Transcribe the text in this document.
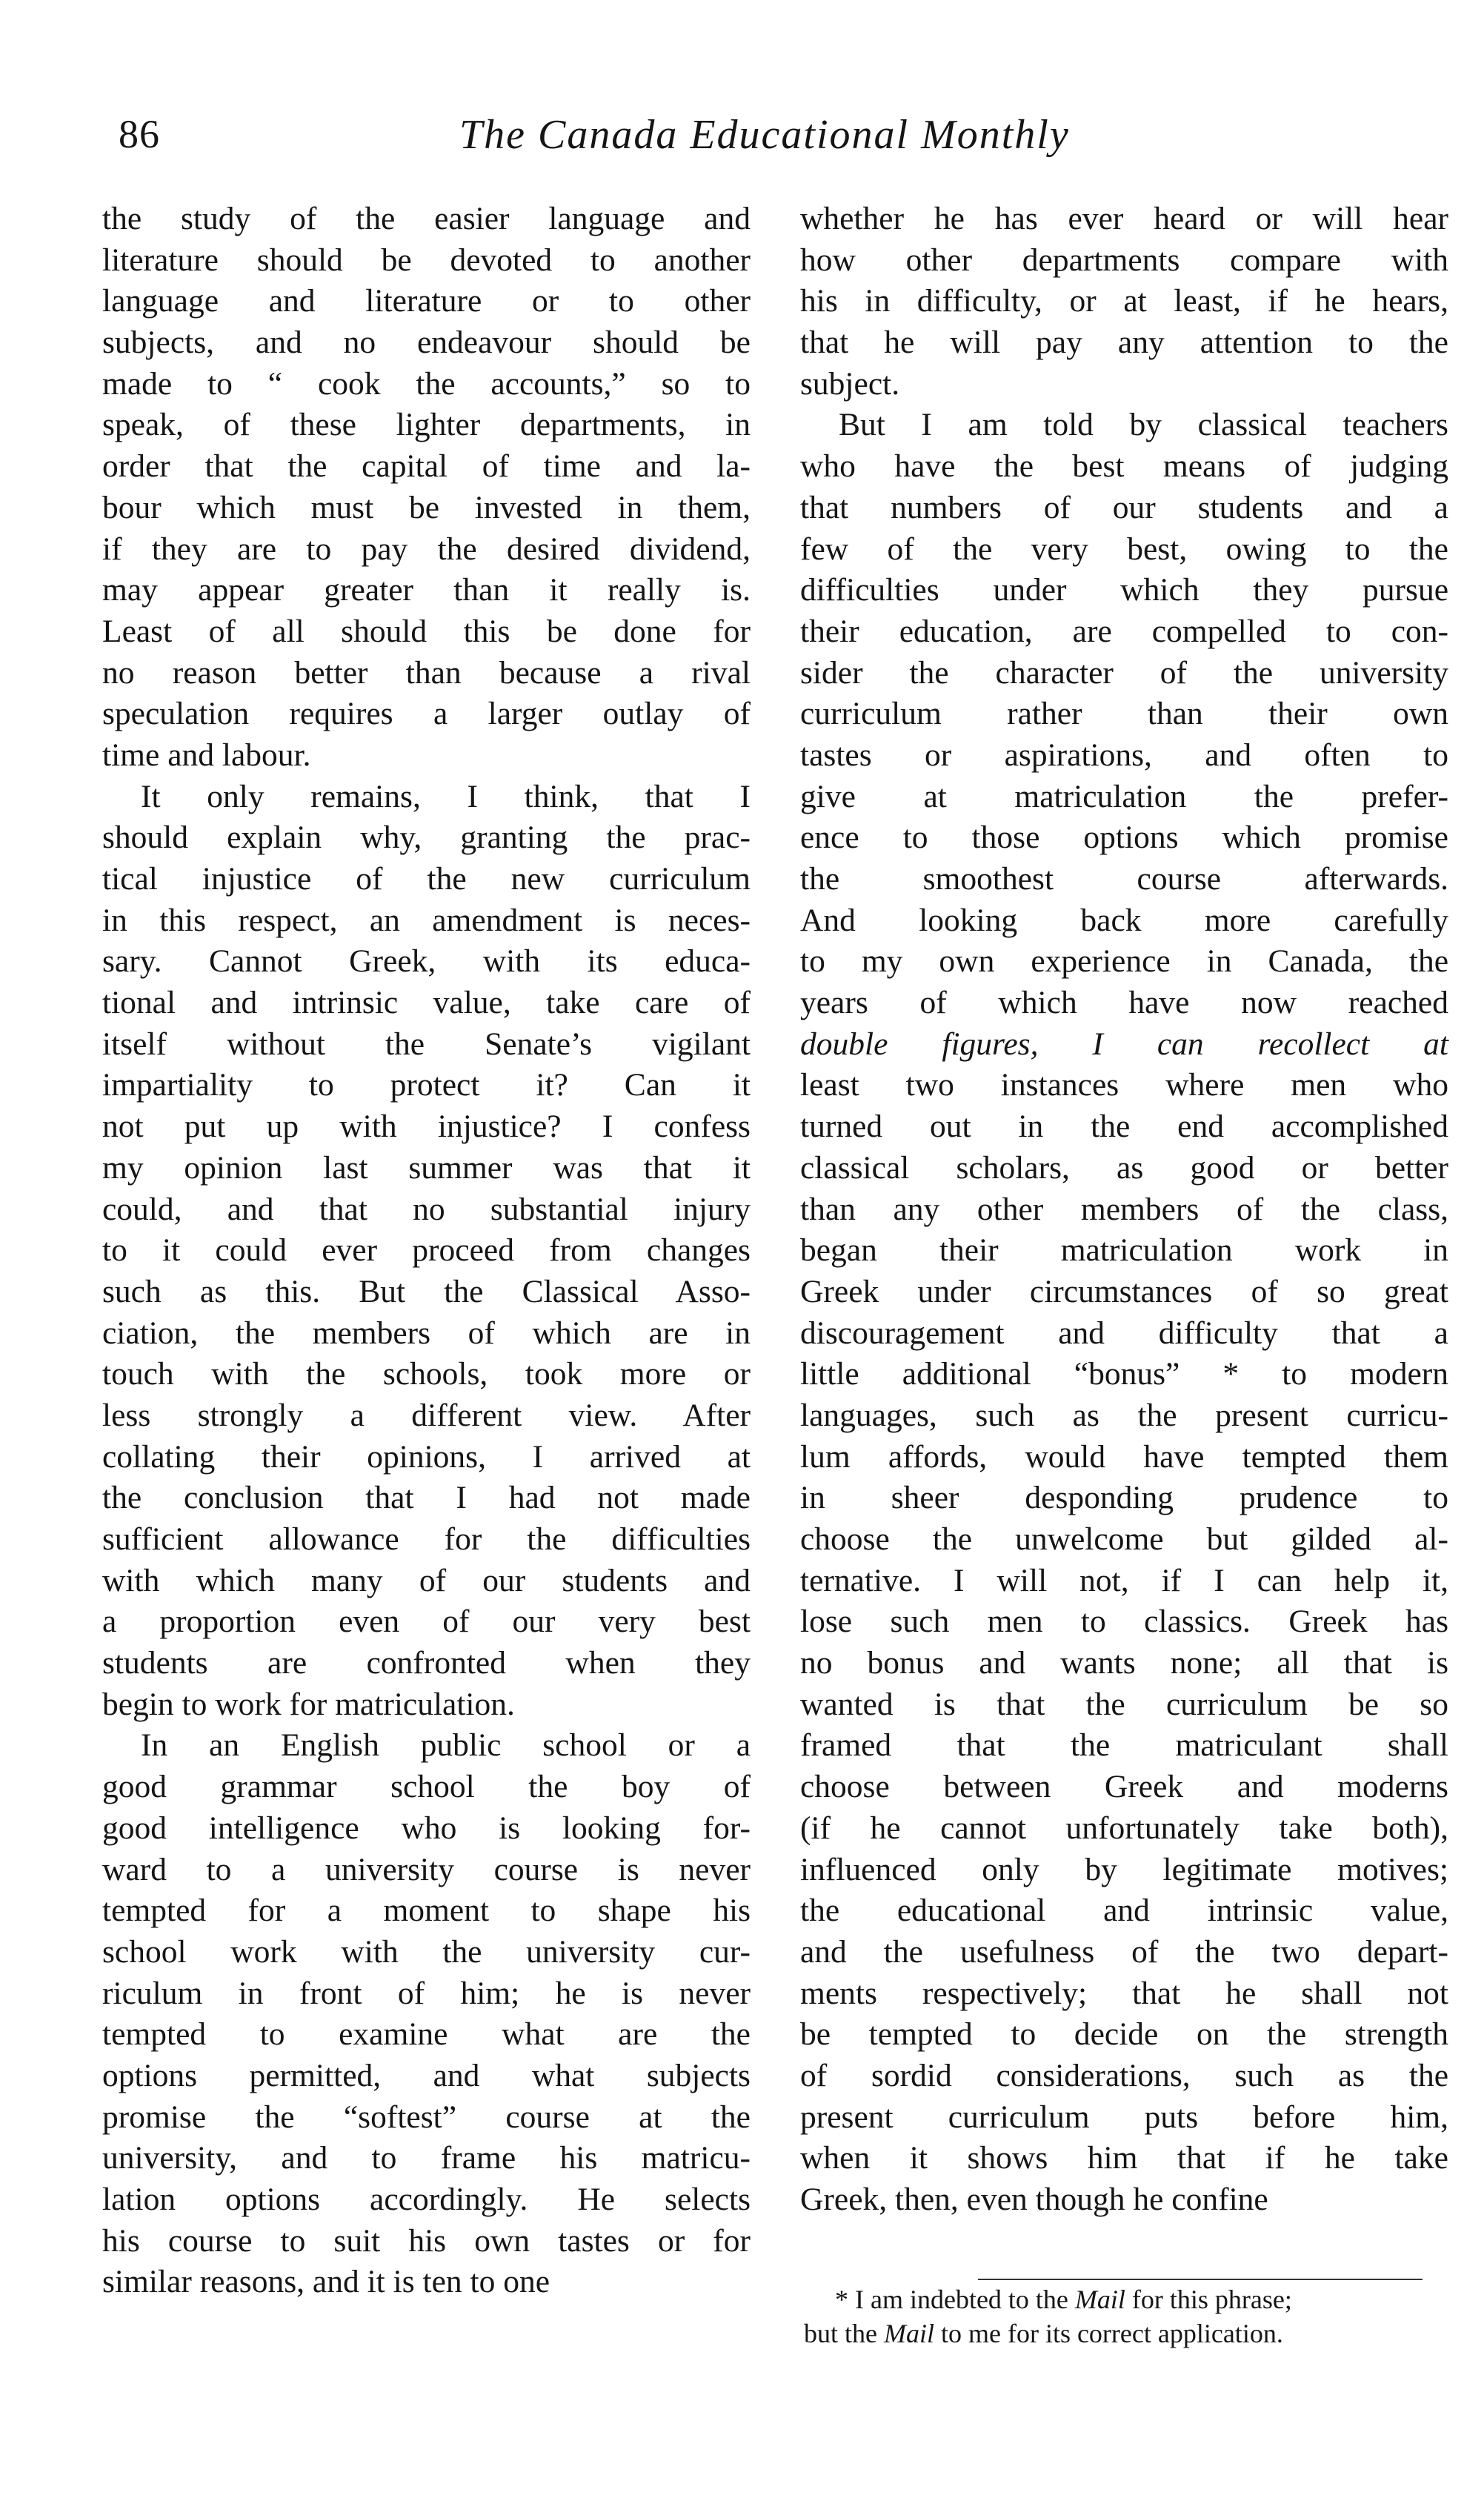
86	The Canada Educational Monthly
the study of the easier language and
literature should be devoted to another
language and literature or to other
subjects, and no endeavour should be
made to “ cook the accounts,” so to
speak, of these lighter departments, in
order that the capital of time and la-
bour which must be invested in them,
if they are to pay the desired dividend,
may appear greater than it really is.
Least of all should this be done for
no reason better than because a rival
speculation requires a larger outlay of
time and labour.
It only remains, I think, that I
should explain why, granting the prac-
tical injustice of the new curriculum
in this respect, an amendment is neces-
sary. Cannot Greek, with its educa-
tional and intrinsic value, take care of
itself without the Senate’s vigilant
impartiality to protect it? Can it
not put up with injustice? I confess
my opinion last summer was that it
could, and that no substantial injury
to it could ever proceed from changes
such as this. But the Classical Asso-
ciation, the members of which are in
touch with the schools, took more or
less strongly a different view. After
collating their opinions, I arrived at
the conclusion that I had not made
sufficient allowance for the difficulties
with which many of our students and
a proportion even of our very best
students are confronted when they
begin to work for matriculation.
In an English public school or a
good grammar school the boy of
good intelligence who is looking for-
ward to a university course is never
tempted for a moment to shape his
school work with the university cur-
riculum in front of him; he is never
tempted to examine what are the
options permitted, and what subjects
promise the “softest” course at the
university, and to frame his matricu-
lation options accordingly. He selects
his course to suit his own tastes or for
similar reasons, and it is ten to one
whether he has ever heard or will hear
how other departments compare with
his in difficulty, or at least, if he hears,
that he will pay any attention to the
subject.
But I am told by classical teachers
who have the best means of judging
that numbers of our students and a
few of the very best, owing to the
difficulties under which they pursue
their education, are compelled to con-
sider the character of the university
curriculum rather than their own
tastes or aspirations, and often to
give at matriculation the prefer-
ence to those options which promise
the smoothest course afterwards.
And looking back more carefully
to my own experience in Canada, the
years of which have now reached
double figures, I can recollect at
least two instances where men who
turned out in the end accomplished
classical scholars, as good or better
than any other members of the class,
began their matriculation work in
Greek under circumstances of so great
discouragement and difficulty that a
little additional “bonus” * to modern
languages, such as the present curricu-
lum affords, would have tempted them
in sheer desponding prudence to
choose the unwelcome but gilded al-
ternative. I will not, if I can help it,
lose such men to classics. Greek has
no bonus and wants none; all that is
wanted is that the curriculum be so
framed that the matriculant shall
choose between Greek and moderns
(if he cannot unfortunately take both),
influenced only by legitimate motives;
the educational and intrinsic value,
and the usefulness of the two depart-
ments respectively; that he shall not
be tempted to decide on the strength
of sordid considerations, such as the
present curriculum puts before him,
when it shows him that if he take
Greek, then, even though he confine
* I am indebted to the Mail for this phrase;
but the Mail to me for its correct application.
